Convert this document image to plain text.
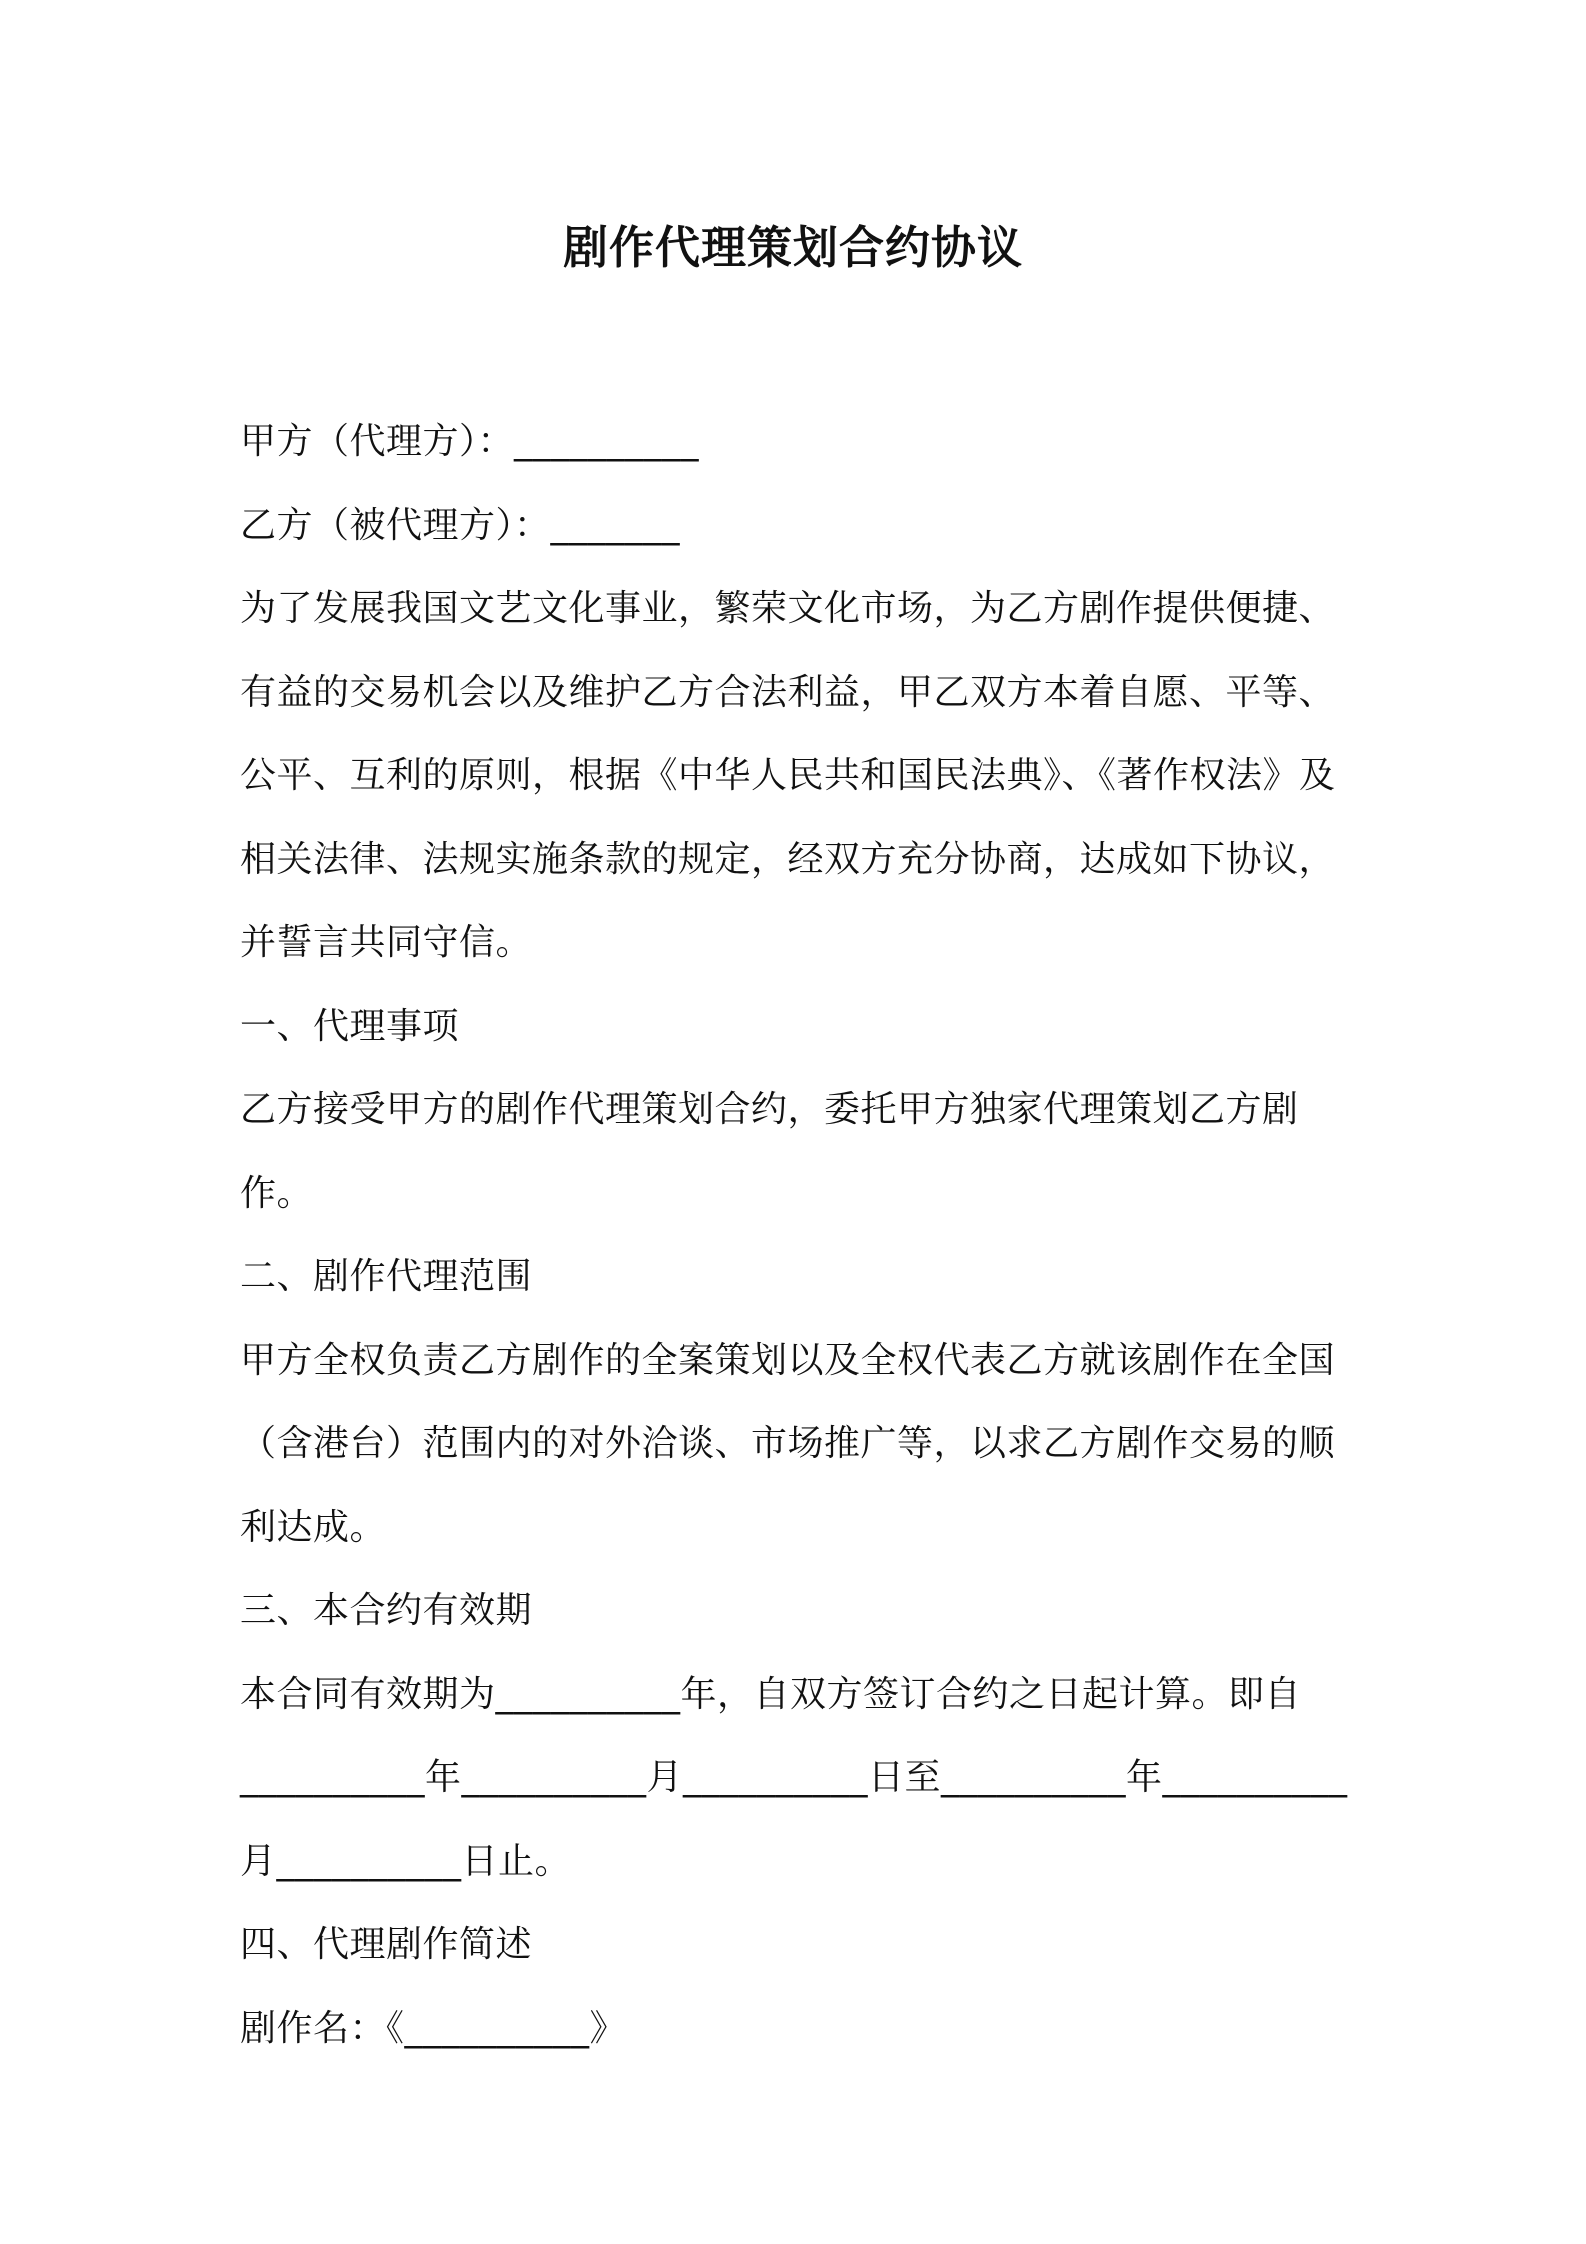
剧作代理策划合约协议

甲方（代理方）：__________

乙方（被代理方）：_______

为了发展我国文艺文化事业，繁荣文化市场，为乙方剧作提供便捷、有益的交易机会以及维护乙方合法利益，甲乙双方本着自愿、平等、公平、互利的原则，根据《中华人民共和国民法典》、《著作权法》及相关法律、法规实施条款的规定，经双方充分协商，达成如下协议，并誓言共同守信。

一、代理事项

乙方接受甲方的剧作代理策划合约，委托甲方独家代理策划乙方剧作。

二、剧作代理范围

甲方全权负责乙方剧作的全案策划以及全权代表乙方就该剧作在全国（含港台）范围内的对外洽谈、市场推广等，以求乙方剧作交易的顺利达成。

三、本合约有效期

本合同有效期为__________年，自双方签订合约之日起计算。即自__________年__________月__________日至__________年__________月__________日止。

四、代理剧作简述

剧作名：《__________》
